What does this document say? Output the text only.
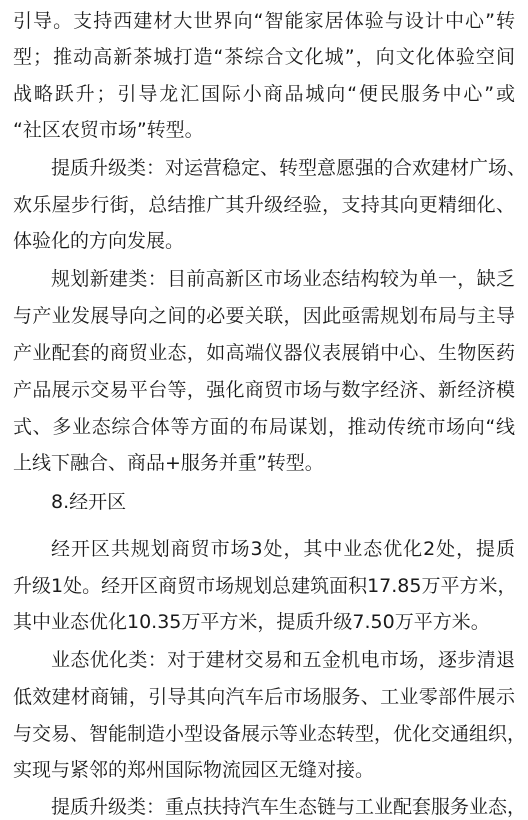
引导。支持西建材大世界向“智能家居体验与设计中心”转
型；推动高新茶城打造“茶综合文化城”，向文化体验空间
战略跃升；引导龙汇国际小商品城向“便民服务中心”或
“社区农贸市场”转型。
提质升级类：对运营稳定、转型意愿强的合欢建材广场、
欢乐屋步行街，总结推广其升级经验，支持其向更精细化、
体验化的方向发展。
规划新建类：目前高新区市场业态结构较为单一，缺乏
与产业发展导向之间的必要关联，因此亟需规划布局与主导
产业配套的商贸业态，如高端仪器仪表展销中心、生物医药
产品展示交易平台等，强化商贸市场与数字经济、新经济模
式、多业态综合体等方面的布局谋划，推动传统市场向“线
上线下融合、商品+服务并重”转型。
8.经开区
经开区共规划商贸市场3处，其中业态优化2处，提质
升级1处。经开区商贸市场规划总建筑面积17.85万平方米，
其中业态优化10.35万平方米，提质升级7.50万平方米。
业态优化类：对于建材交易和五金机电市场，逐步清退
低效建材商铺，引导其向汽车后市场服务、工业零部件展示
与交易、智能制造小型设备展示等业态转型，优化交通组织，
实现与紧邻的郑州国际物流园区无缝对接。
提质升级类：重点扶持汽车生态链与工业配套服务业态，
